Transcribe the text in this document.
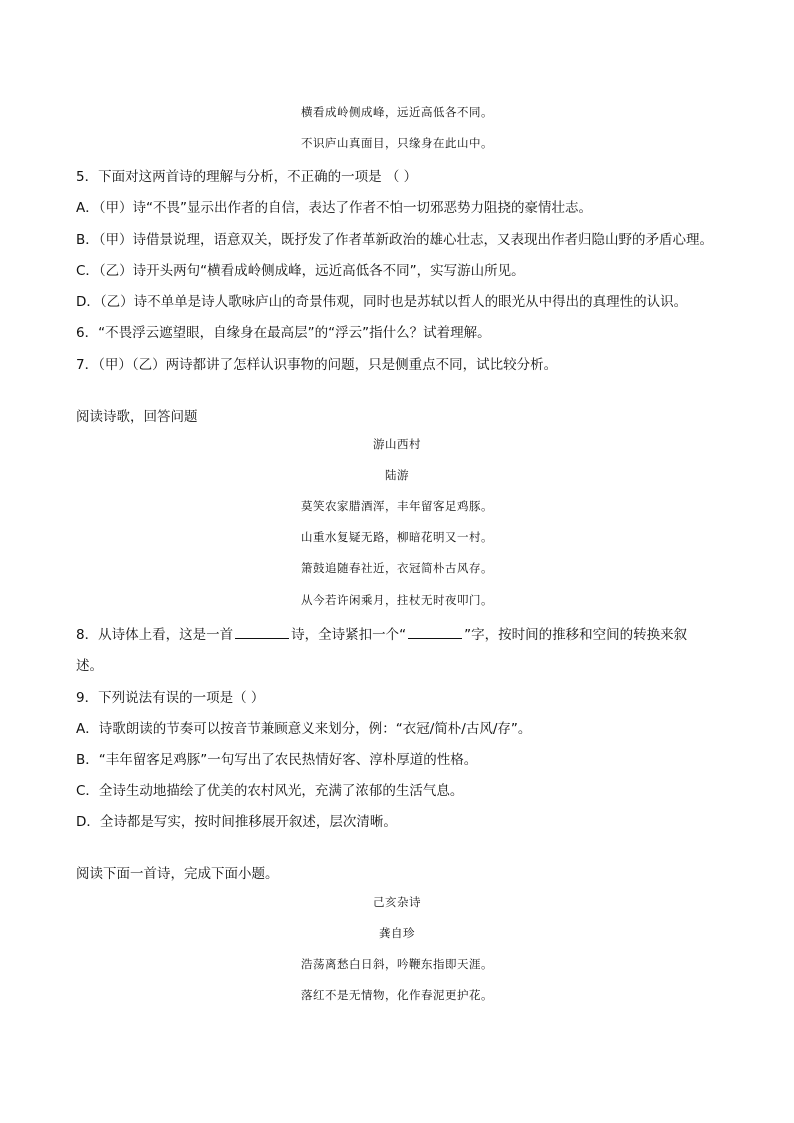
横看成岭侧成峰，远近高低各不同。
不识庐山真面目，只缘身在此山中。
5．下面对这两首诗的理解与分析，不正确的一项是 （ ）
A．（甲）诗“不畏”显示出作者的自信，表达了作者不怕一切邪恶势力阻挠的豪情壮志。
B．（甲）诗借景说理，语意双关，既抒发了作者革新政治的雄心壮志，又表现出作者归隐山野的矛盾心理。
C．（乙）诗开头两句“横看成岭侧成峰，远近高低各不同”，实写游山所见。
D．（乙）诗不单单是诗人歌咏庐山的奇景伟观，同时也是苏轼以哲人的眼光从中得出的真理性的认识。
6．“不畏浮云遮望眼，自缘身在最高层”的“浮云”指什么？试着理解。
7．（甲）（乙）两诗都讲了怎样认识事物的问题，只是侧重点不同，试比较分析。
阅读诗歌，回答问题
游山西村
陆游
莫笑农家腊酒浑，丰年留客足鸡豚。
山重水复疑无路，柳暗花明又一村。
箫鼓追随春社近，衣冠简朴古风存。
从今若许闲乘月，拄杖无时夜叩门。
8．从诗体上看，这是一首	诗，全诗紧扣一个“	”字，按时间的推移和空间的转换来叙
述。
9．下列说法有误的一项是（ ）
A．诗歌朗读的节奏可以按音节兼顾意义来划分，例：“衣冠/简朴/古风/存”。
B．“丰年留客足鸡豚”一句写出了农民热情好客、淳朴厚道的性格。
C．全诗生动地描绘了优美的农村风光，充满了浓郁的生活气息。
D．全诗都是写实，按时间推移展开叙述，层次清晰。
阅读下面一首诗，完成下面小题。
己亥杂诗
龚自珍
浩荡离愁白日斜，吟鞭东指即天涯。
落红不是无情物，化作春泥更护花。
